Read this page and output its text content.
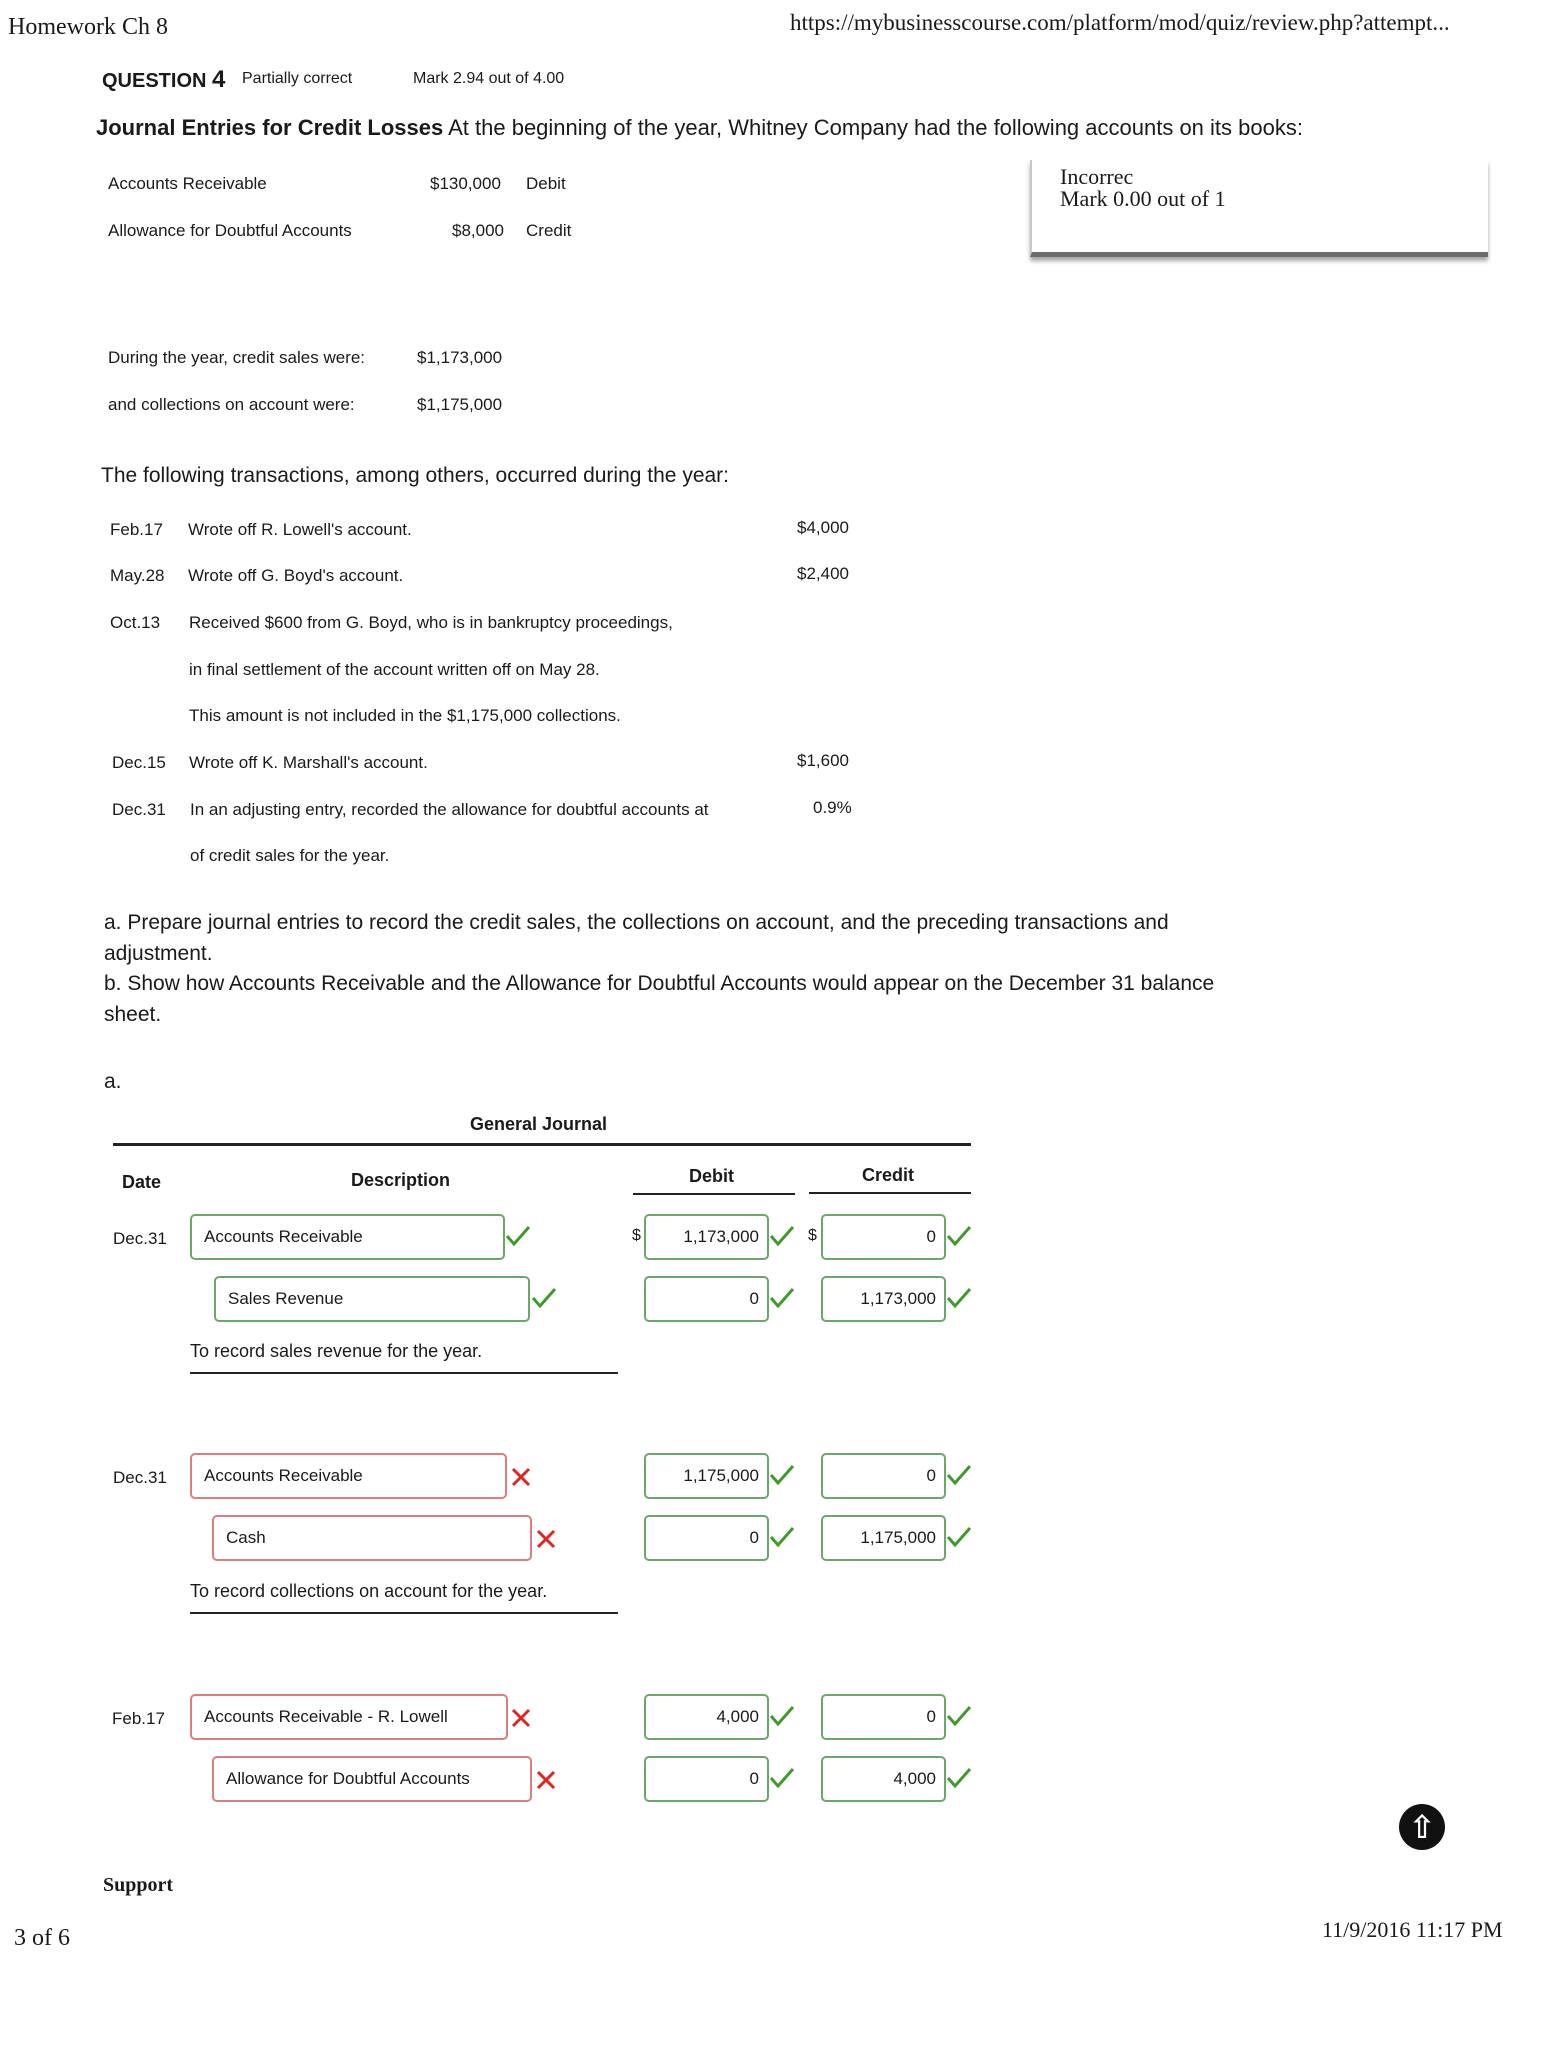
Homework Ch 8	https://mybusinesscourse.com/platform/mod/quiz/review.php?attempt...
QUESTION 4 Partially correct	Mark 2.94 out of 4.00
Journal Entries for Credit Losses At the beginning of the year, Whitney Company had the following accounts on its books:
Incorrec
Mark 0.00 out of 1
Accounts Receivable	$130,000 Debit
Allowance for Doubtful Accounts	$8,000 Credit
During the year, credit sales were:	$1,173,000
and collections on account were:	$1,175,000
The following transactions, among others, occurred during the year:
Feb.17 Wrote off R. Lowell's account.	$4,000
May.28 Wrote off G. Boyd's account.	$2,400
Oct.13 Received $600 from G. Boyd, who is in bankruptcy proceedings,
in final settlement of the account written off on May 28.
This amount is not included in the $1,175,000 collections.
Dec.15 Wrote off K. Marshall's account.	$1,600
Dec.31 In an adjusting entry, recorded the allowance for doubtful accounts at	0.9%
of credit sales for the year.
a. Prepare journal entries to record the credit sales, the collections on account, and the preceding transactions and
adjustment.
b. Show how Accounts Receivable and the Allowance for Doubtful Accounts would appear on the December 31 balance
sheet.
a.
General Journal
Date	Description	Debit	Credit
Dec.31 Accounts Receivable	$ 1,173,000	$	0
Sales Revenue	0	1,173,000
To record sales revenue for the year.
Dec.31 Accounts Receivable	1,175,000	0
Cash	0	1,175,000
To record collections on account for the year.
Feb.17 Accounts Receivable - R. Lowell	4,000	0
Allowance for Doubtful Accounts	0	4,000
⇧
Support
3 of 6	11/9/2016 11:17 PM
